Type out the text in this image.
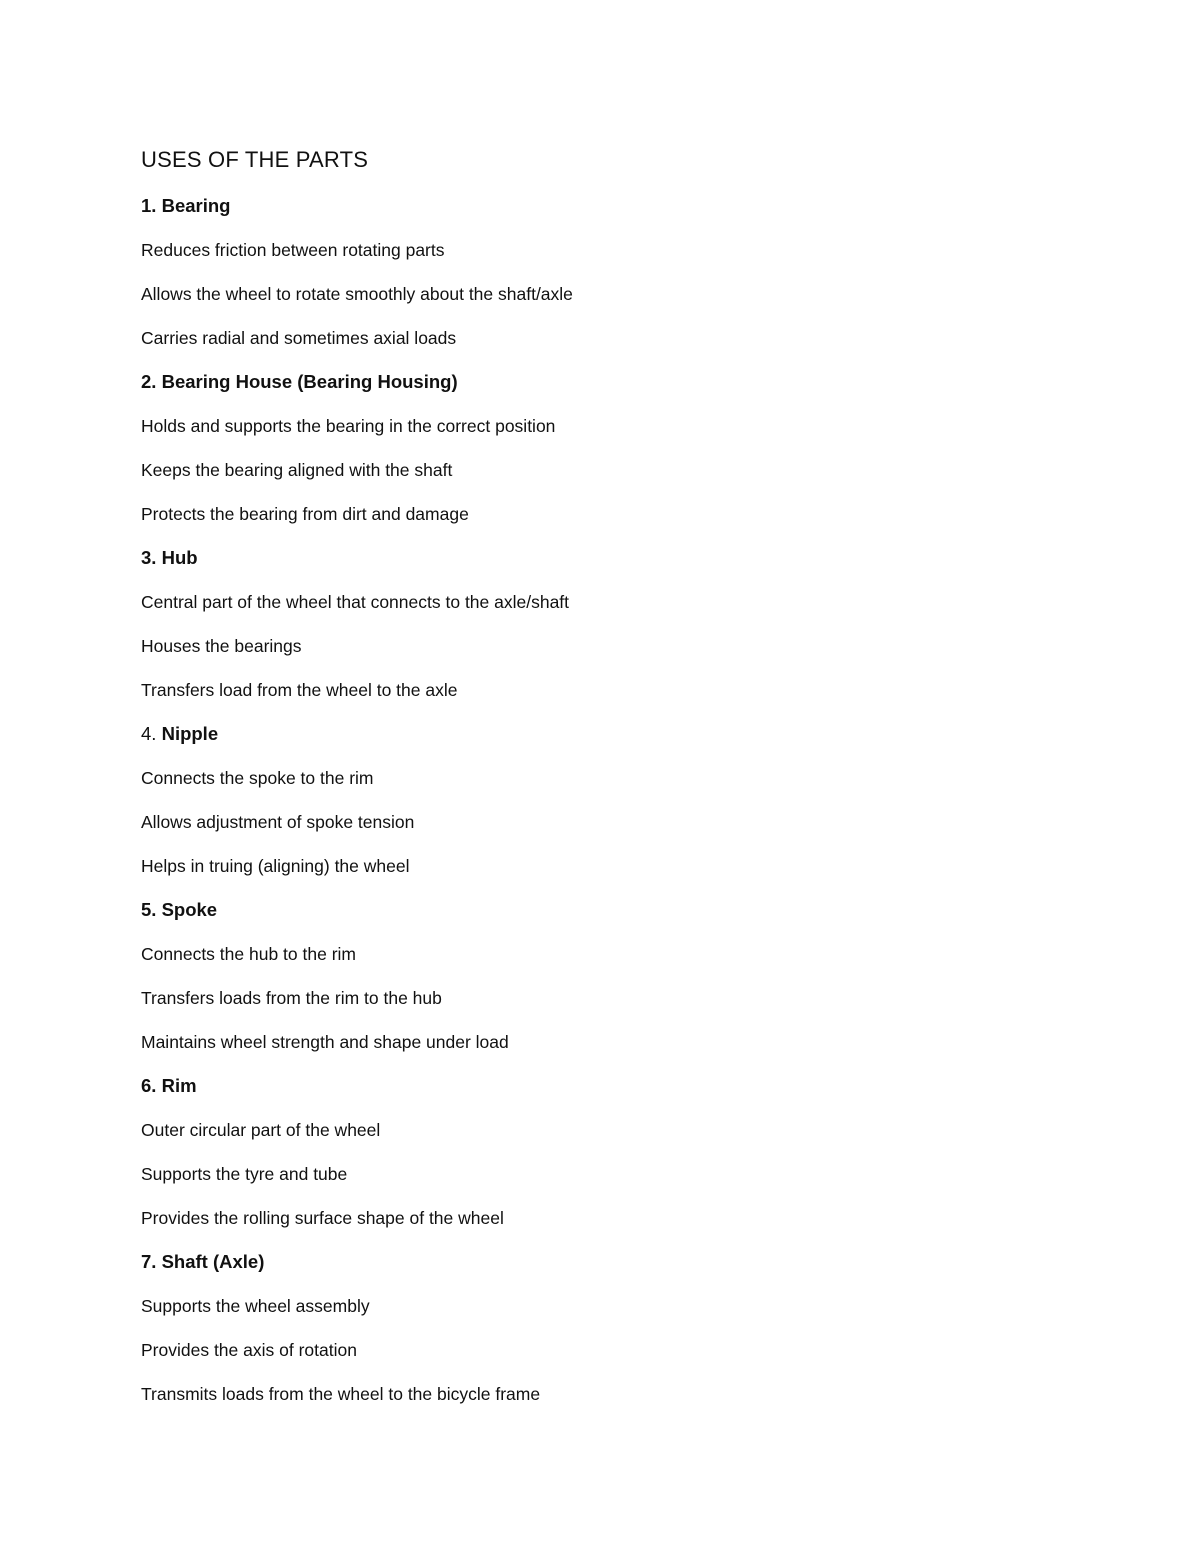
USES OF THE PARTS
1. Bearing
Reduces friction between rotating parts
Allows the wheel to rotate smoothly about the shaft/axle
Carries radial and sometimes axial loads
2. Bearing House (Bearing Housing)
Holds and supports the bearing in the correct position
Keeps the bearing aligned with the shaft
Protects the bearing from dirt and damage
3. Hub
Central part of the wheel that connects to the axle/shaft
Houses the bearings
Transfers load from the wheel to the axle
4. Nipple
Connects the spoke to the rim
Allows adjustment of spoke tension
Helps in truing (aligning) the wheel
5. Spoke
Connects the hub to the rim
Transfers loads from the rim to the hub
Maintains wheel strength and shape under load
6. Rim
Outer circular part of the wheel
Supports the tyre and tube
Provides the rolling surface shape of the wheel
7. Shaft (Axle)
Supports the wheel assembly
Provides the axis of rotation
Transmits loads from the wheel to the bicycle frame
